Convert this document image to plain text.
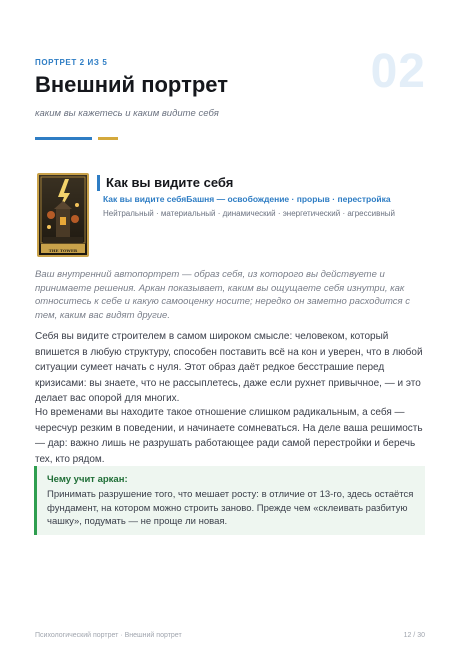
ПОРТРЕТ 2 ИЗ 5	02
Внешний портрет
каким вы кажетесь и каким видите себя
THE TOWER
Как вы видите себя
Как вы видите себяБашня — освобождение · прорыв · перестройка
Нейтральный · материальный · динамический · энергетический · агрессивный

Ваш внутренний автопортрет — образ себя, из которого вы действуете и принимаете решения. Аркан показывает, каким вы ощущаете себя изнутри, как относитесь к себе и какую самооценку носите; нередко он заметно расходится с тем, каким вас видят другие.

Себя вы видите строителем в самом широком смысле: человеком, который впишется в любую структуру, способен поставить всё на кон и уверен, что в любой ситуации сумеет начать с нуля. Этот образ даёт редкое бесстрашие перед кризисами: вы знаете, что не рассыплетесь, даже если рухнет привычное, — и это делает вас опорой для многих.

Но временами вы находите такое отношение слишком радикальным, а себя — чересчур резким в поведении, и начинаете сомневаться. На деле ваша решимость — дар: важно лишь не разрушать работающее ради самой перестройки и беречь тех, кто рядом.

Чему учит аркан:
Принимать разрушение того, что мешает росту: в отличие от 13-го, здесь остаётся фундамент, на котором можно строить заново. Прежде чем «склеивать разбитую чашку», подумать — не проще ли новая.
Психологический портрет · Внешний портрет	12 / 30
